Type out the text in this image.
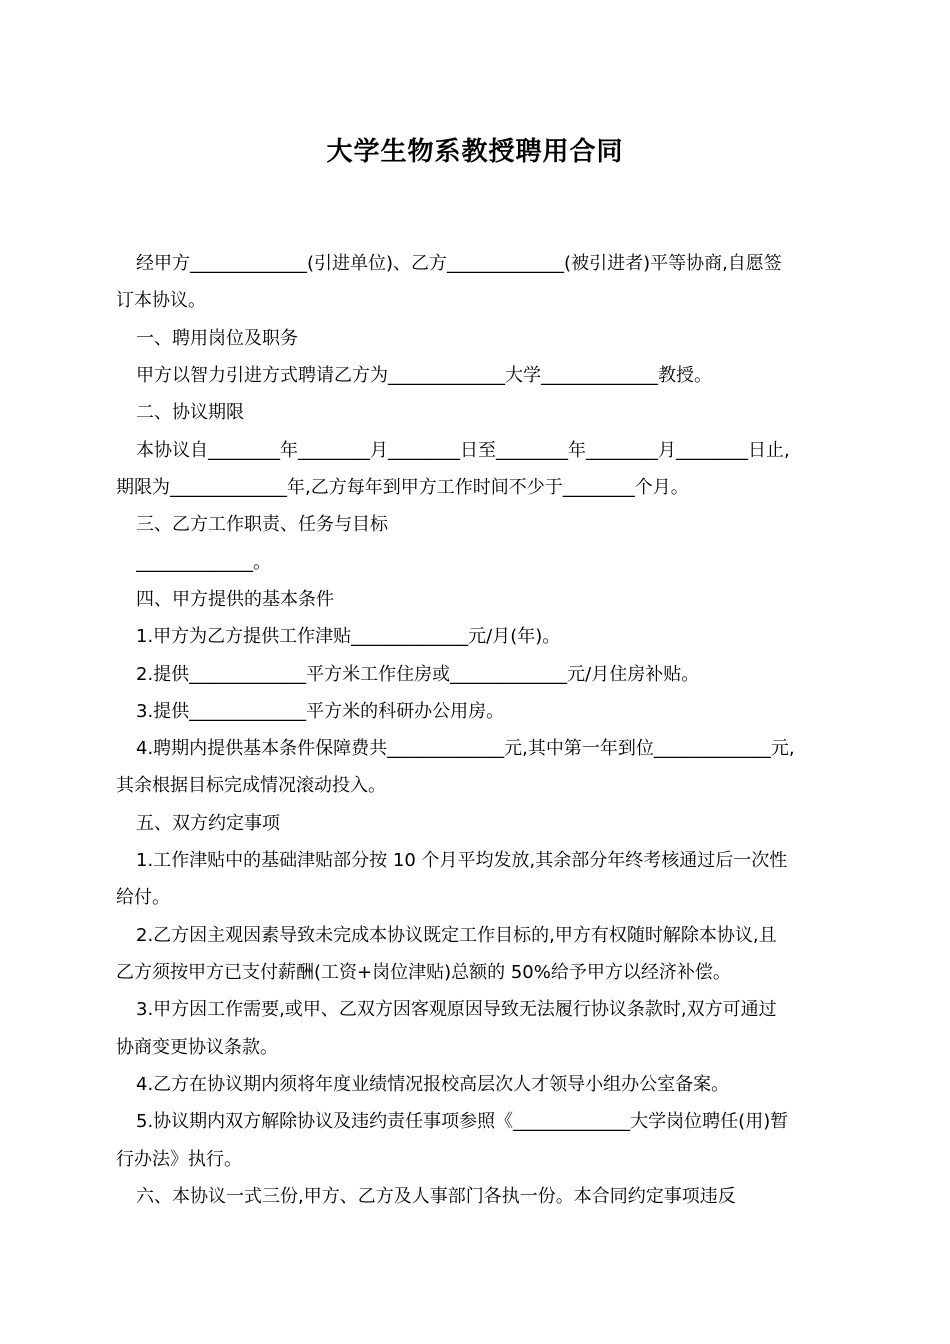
大学生物系教授聘用合同
经甲方_____________(引进单位)、乙方_____________(被引进者)平等协商,自愿签
订本协议。
一、聘用岗位及职务
甲方以智力引进方式聘请乙方为_____________大学_____________教授。
二、协议期限
本协议自________年________月________日至________年________月________日止,
期限为_____________年,乙方每年到甲方工作时间不少于________个月。
三、乙方工作职责、任务与目标
_____________。
四、甲方提供的基本条件
1.甲方为乙方提供工作津贴_____________元/月(年)。
2.提供_____________平方米工作住房或_____________元/月住房补贴。
3.提供_____________平方米的科研办公用房。
4.聘期内提供基本条件保障费共_____________元,其中第一年到位_____________元,
其余根据目标完成情况滚动投入。
五、双方约定事项
1.工作津贴中的基础津贴部分按 10 个月平均发放,其余部分年终考核通过后一次性
给付。
2.乙方因主观因素导致未完成本协议既定工作目标的,甲方有权随时解除本协议,且
乙方须按甲方已支付薪酬(工资+岗位津贴)总额的 50%给予甲方以经济补偿。
3.甲方因工作需要,或甲、乙双方因客观原因导致无法履行协议条款时,双方可通过
协商变更协议条款。
4.乙方在协议期内须将年度业绩情况报校高层次人才领导小组办公室备案。
5.协议期内双方解除协议及违约责任事项参照《_____________大学岗位聘任(用)暂
行办法》执行。
六、本协议一式三份,甲方、乙方及人事部门各执一份。本合同约定事项违反
